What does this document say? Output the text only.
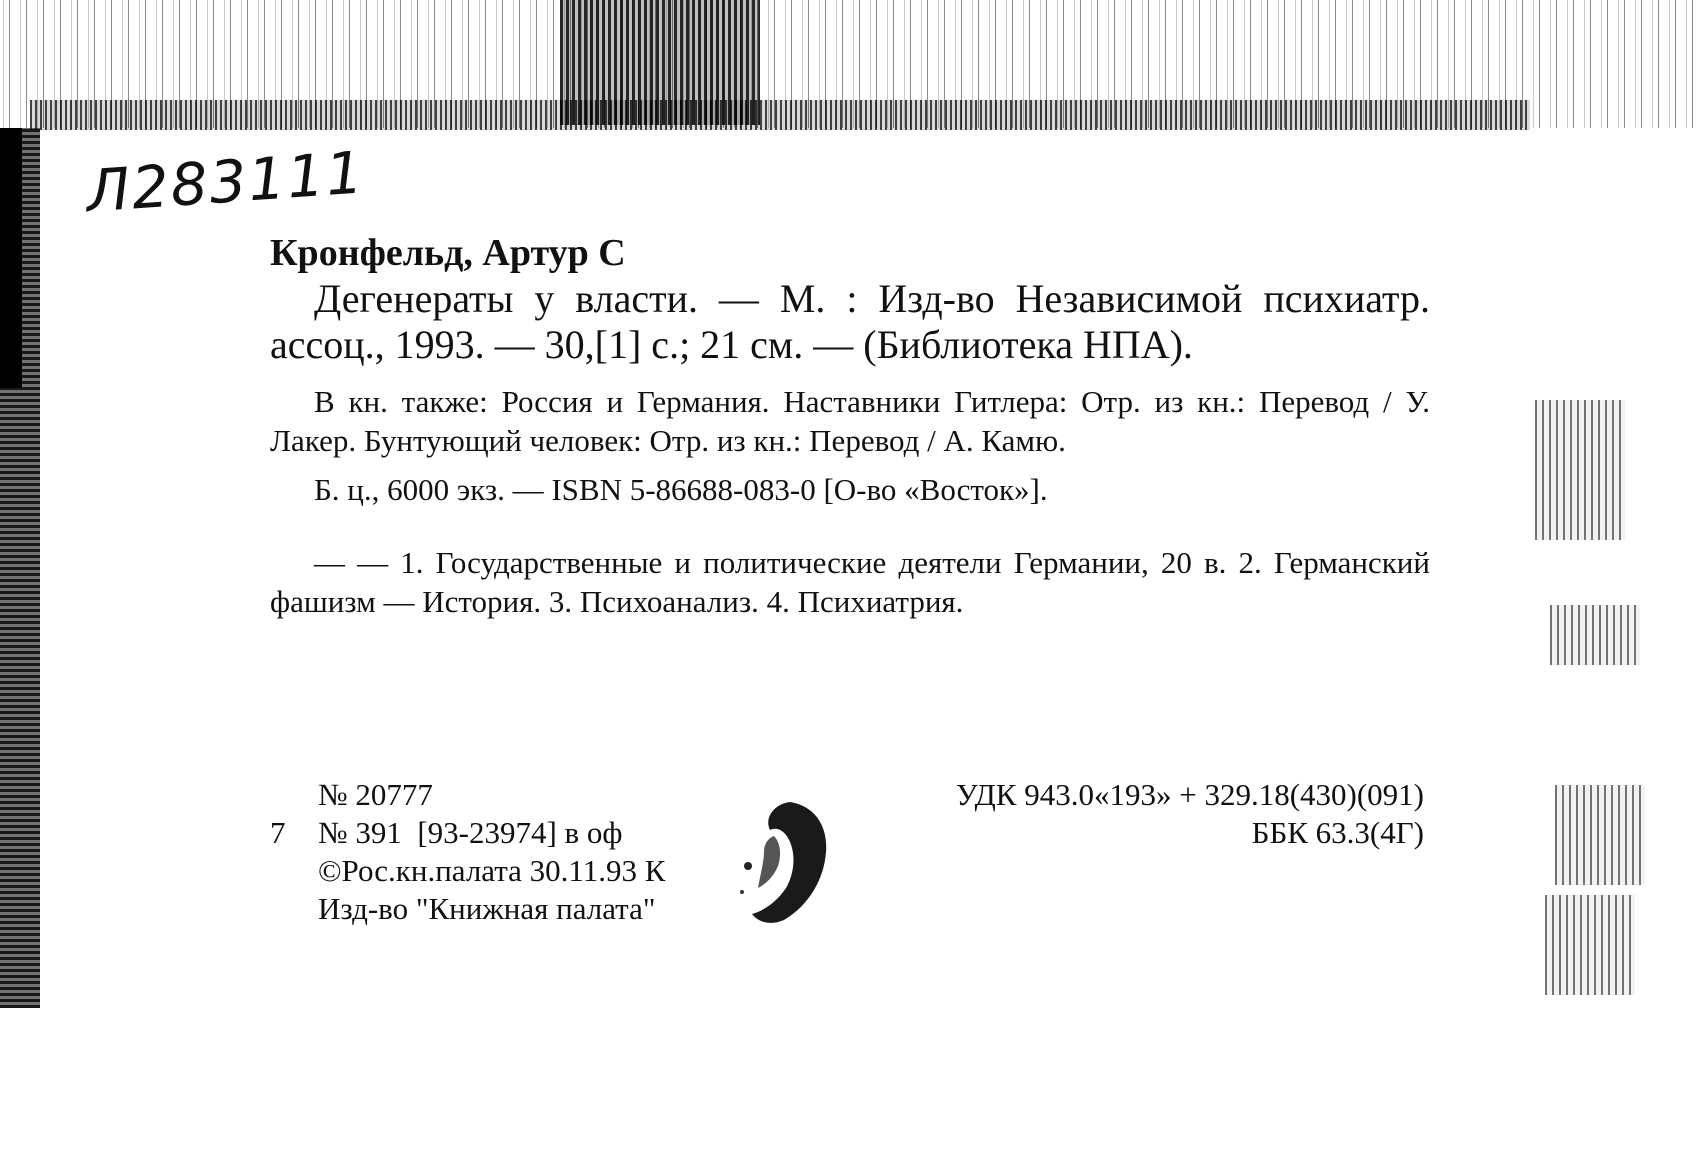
Л283111

Кронфельд, Артур С

Дегенераты у власти. — М. : Изд-во Независимой психиатр. ассоц., 1993. — 30,[1] с.; 21 см. — (Библиотека НПА).

В кн. также: Россия и Германия. Наставники Гитлера: Отр. из кн.: Перевод / У. Лакер. Бунтующий человек: Отр. из кн.: Перевод / А. Камю.

Б. ц., 6000 экз. — ISBN 5-86688-083-0 [О-во «Восток»].

— — 1. Государственные и политические деятели Германии, 20 в. 2. Германский фашизм — История. 3. Психоанализ. 4. Психиатрия.

№ 20777
7 № 391  [93-23974] в оф
©Рос.кн.палата 30.11.93 К
Изд-во "Книжная палата"
УДК 943.0«193» + 329.18(430)(091)
ББК 63.3(4Г)
